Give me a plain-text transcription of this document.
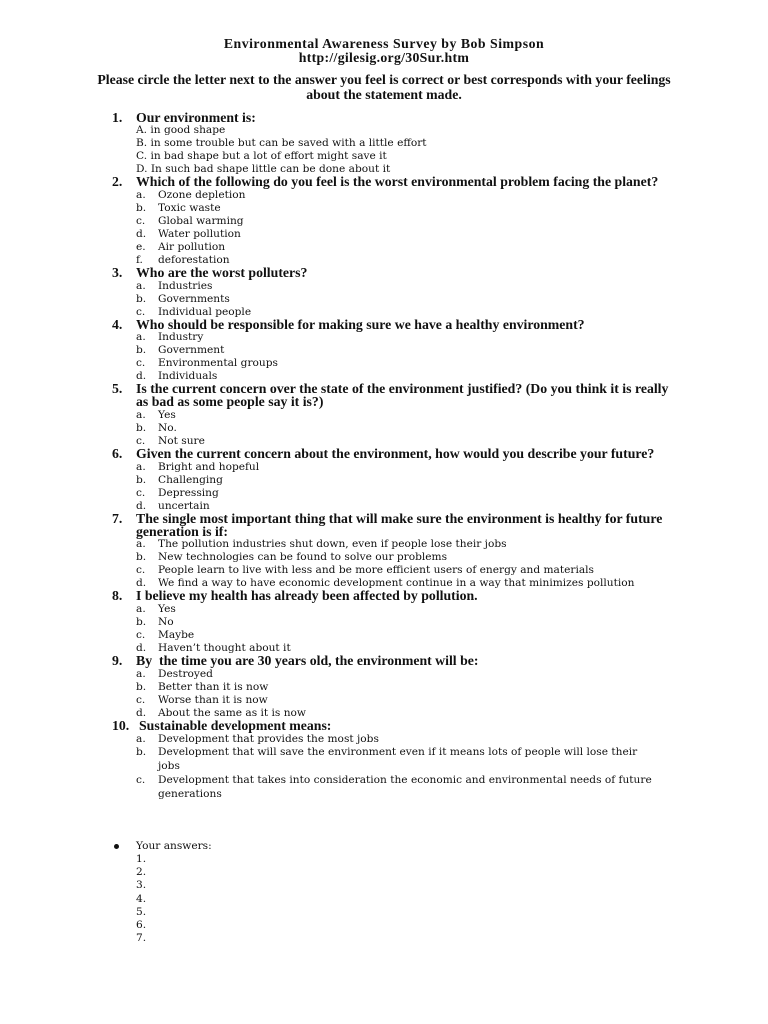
Environmental Awareness Survey by Bob Simpson
http://gilesig.org/30Sur.htm
Please circle the letter next to the answer you feel is correct or best corresponds with your feelings
about the statement made.
1. Our environment is:
A. in good shape
B. in some trouble but can be saved with a little effort
C. in bad shape but a lot of effort might save it
D. In such bad shape little can be done about it
2. Which of the following do you feel is the worst environmental problem facing the planet?
a. Ozone depletion
b. Toxic waste
c. Global warming
d. Water pollution
e. Air pollution
f. deforestation
3. Who are the worst polluters?
a. Industries
b. Governments
c. Individual people
4. Who should be responsible for making sure we have a healthy environment?
a. Industry
b. Government
c. Environmental groups
d. Individuals
5. Is the current concern over the state of the environment justified? (Do you think it is really
as bad as some people say it is?)
a. Yes
b. No.
c. Not sure
6. Given the current concern about the environment, how would you describe your future?
a. Bright and hopeful
b. Challenging
c. Depressing
d. uncertain
7. The single most important thing that will make sure the environment is healthy for future
generation is if:
a. The pollution industries shut down, even if people lose their jobs
b. New technologies can be found to solve our problems
c. People learn to live with less and be more efficient users of energy and materials
d. We find a way to have economic development continue in a way that minimizes pollution
8. I believe my health has already been affected by pollution.
a. Yes
b. No
c. Maybe
d. Haven’t thought about it
9. By  the time you are 30 years old, the environment will be:
a. Destroyed
b. Better than it is now
c. Worse than it is now
d. About the same as it is now
10. Sustainable development means:
a. Development that provides the most jobs
b. Development that will save the environment even if it means lots of people will lose their
jobs
c. Development that takes into consideration the economic and environmental needs of future
generations
Your answers:
1.
2.
3.
4.
5.
6.
7.
